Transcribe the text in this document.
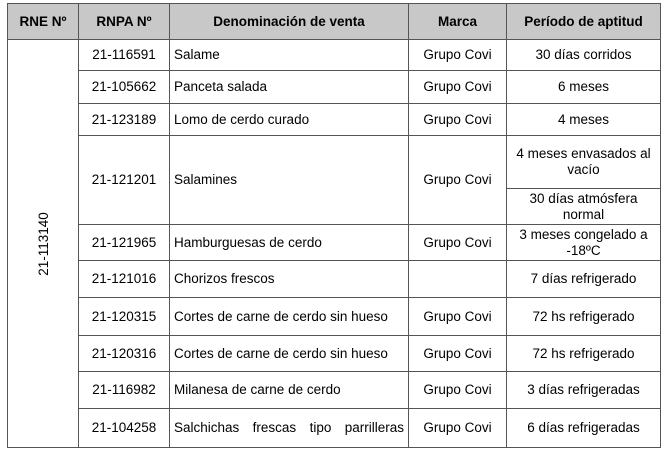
RNE Nº	RNPA Nº	Denominación de venta	Marca	Período de aptitud
21-113140	21-116591	Salame	Grupo Covi	30 días corridos
	21-105662	Panceta salada	Grupo Covi	6 meses
	21-123189	Lomo de cerdo curado	Grupo Covi	4 meses
	21-121201	Salamines	Grupo Covi	4 meses envasados al vacío
				30 días atmósfera normal
	21-121965	Hamburguesas de cerdo	Grupo Covi	3 meses congelado a -18ºC
	21-121016	Chorizos frescos		7 días refrigerado
	21-120315	Cortes de carne de cerdo sin hueso	Grupo Covi	72 hs refrigerado
	21-120316	Cortes de carne de cerdo sin hueso	Grupo Covi	72 hs refrigerado
	21-116982	Milanesa de carne de cerdo	Grupo Covi	3 días refrigeradas
	21-104258	Salchichas frescas tipo parrilleras	Grupo Covi	6 días refrigeradas
